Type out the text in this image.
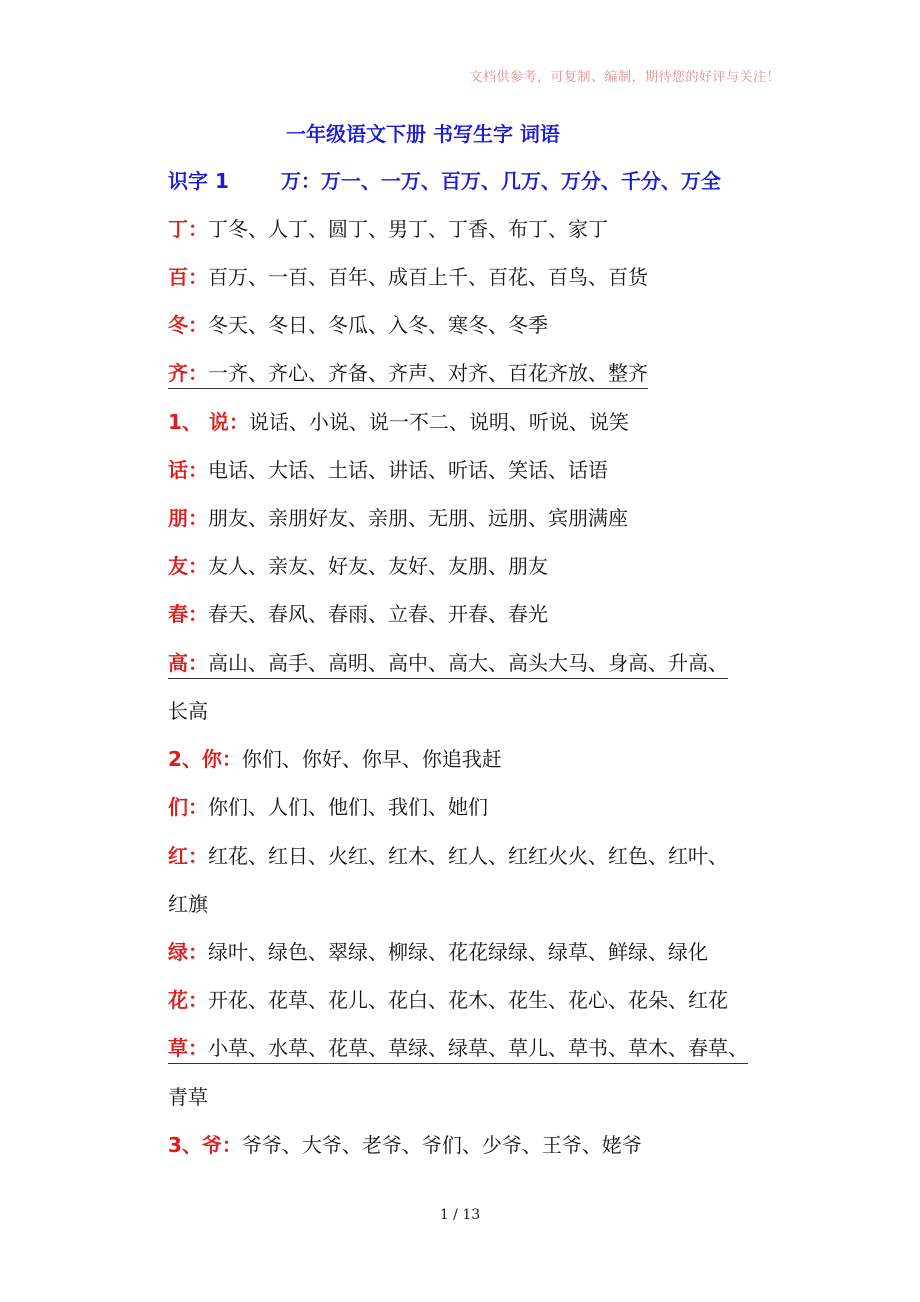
文档供参考，可复制、编制，期待您的好评与关注！
一年级语文下册 书写生字 词语
识字 1	万：万一、一万、百万、几万、万分、千分、万全
丁：丁冬、人丁、圆丁、男丁、丁香、布丁、家丁
百：百万、一百、百年、成百上千、百花、百鸟、百货
冬：冬天、冬日、冬瓜、入冬、寒冬、冬季
齐：一齐、齐心、齐备、齐声、对齐、百花齐放、整齐
1、 说：说话、小说、说一不二、说明、听说、说笑
话：电话、大话、土话、讲话、听话、笑话、话语
朋：朋友、亲朋好友、亲朋、无朋、远朋、宾朋满座
友：友人、亲友、好友、友好、友朋、朋友
春：春天、春风、春雨、立春、开春、春光
高：高山、高手、高明、高中、高大、高头大马、身高、升高、
长高
2、你：你们、你好、你早、你追我赶
们：你们、人们、他们、我们、她们
红：红花、红日、火红、红木、红人、红红火火、红色、红叶、
红旗
绿：绿叶、绿色、翠绿、柳绿、花花绿绿、绿草、鲜绿、绿化
花：开花、花草、花儿、花白、花木、花生、花心、花朵、红花
草：小草、水草、花草、草绿、绿草、草儿、草书、草木、春草、
青草
3、爷：爷爷、大爷、老爷、爷们、少爷、王爷、姥爷
1 / 13
